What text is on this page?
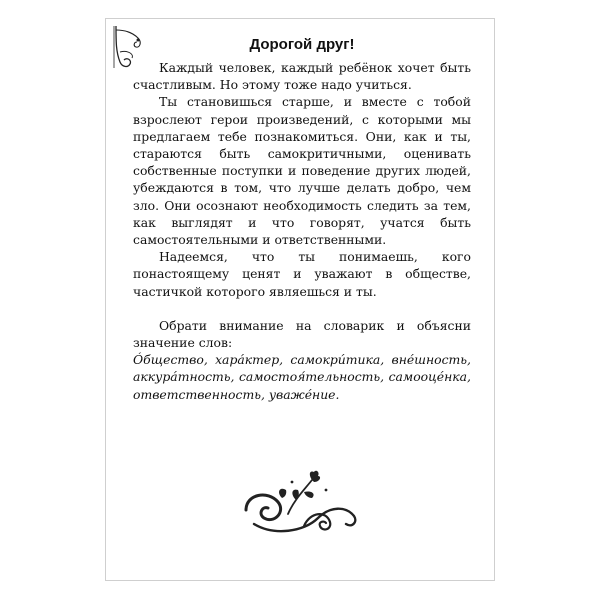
Дорогой друг!

Каждый человек, каждый ребёнок хочет быть счастливым. Но этому тоже надо учиться.

Ты становишься старше, и вместе с тобой взрослеют герои произведений, с которыми мы предлагаем тебе познакомиться. Они, как и ты, стараются быть самокритичными, оценивать собственные поступки и поведение других людей, убеждаются в том, что лучше делать добро, чем зло. Они осознают необходимость следить за тем, как выглядят и что говорят, учатся быть самостоятельными и ответственными.

Надеемся, что ты понимаешь, кого понастоящему ценят и уважают в обществе, частичкой которого являешься и ты.

Обрати внимание на словарик и объясни значение слов:

Óбщество, харáктер, самокрúтика, внéшность, аккурáтность, самостоя́тельность, самооцéнка, ответственность, уважéние.
